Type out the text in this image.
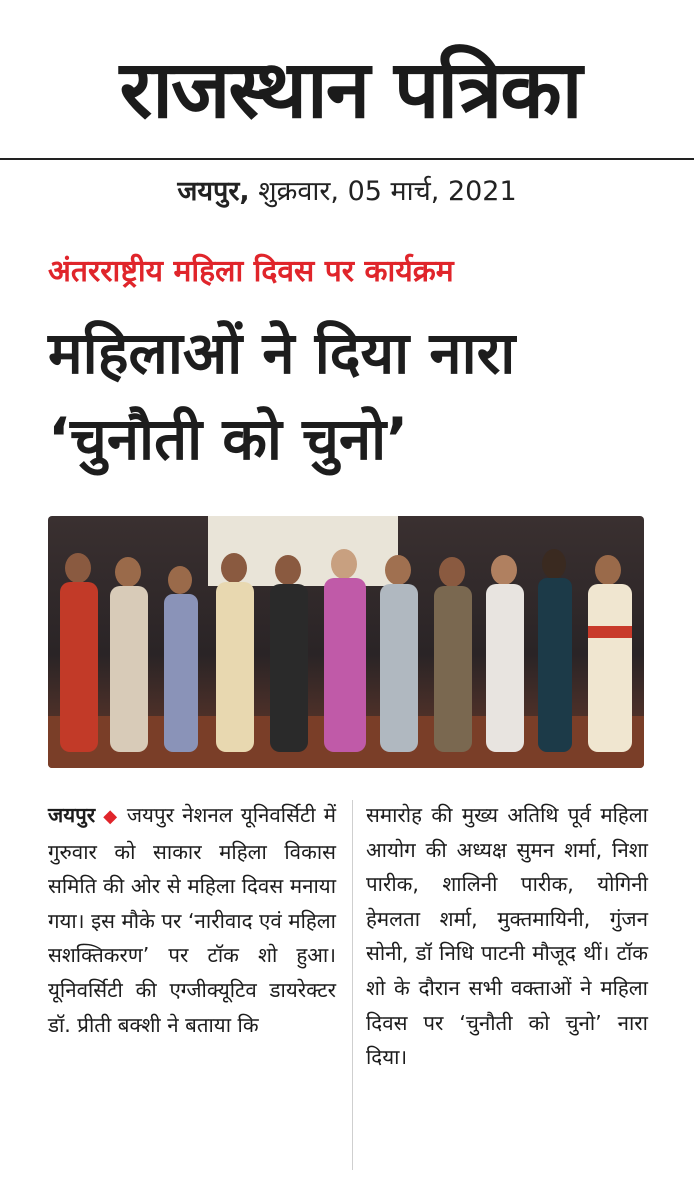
राजस्थान पत्रिका
जयपुर, शुक्रवार, 05 मार्च, 2021
अंतरराष्ट्रीय महिला दिवस पर कार्यक्रम
महिलाओं ने दिया नारा
‘चुनौती को चुनो’

जयपुर ◆ जयपुर नेशनल यूनिवर्सिटी में गुरुवार को साकार महिला विकास समिति की ओर से महिला दिवस मनाया गया। इस मौके पर ‘नारीवाद एवं महिला सशक्तिकरण’ पर टॉक शो हुआ। यूनिवर्सिटी की एग्जीक्यूटिव डायरेक्टर डॉ. प्रीती बक्शी ने बताया कि

समारोह की मुख्य अतिथि पूर्व महिला आयोग की अध्यक्ष सुमन शर्मा, निशा पारीक, शालिनी पारीक, योगिनी हेमलता शर्मा, मुक्तमायिनी, गुंजन सोनी, डॉ निधि पाटनी मौजूद थीं। टॉक शो के दौरान सभी वक्ताओं ने महिला दिवस पर ‘चुनौती को चुनो’ नारा दिया।
